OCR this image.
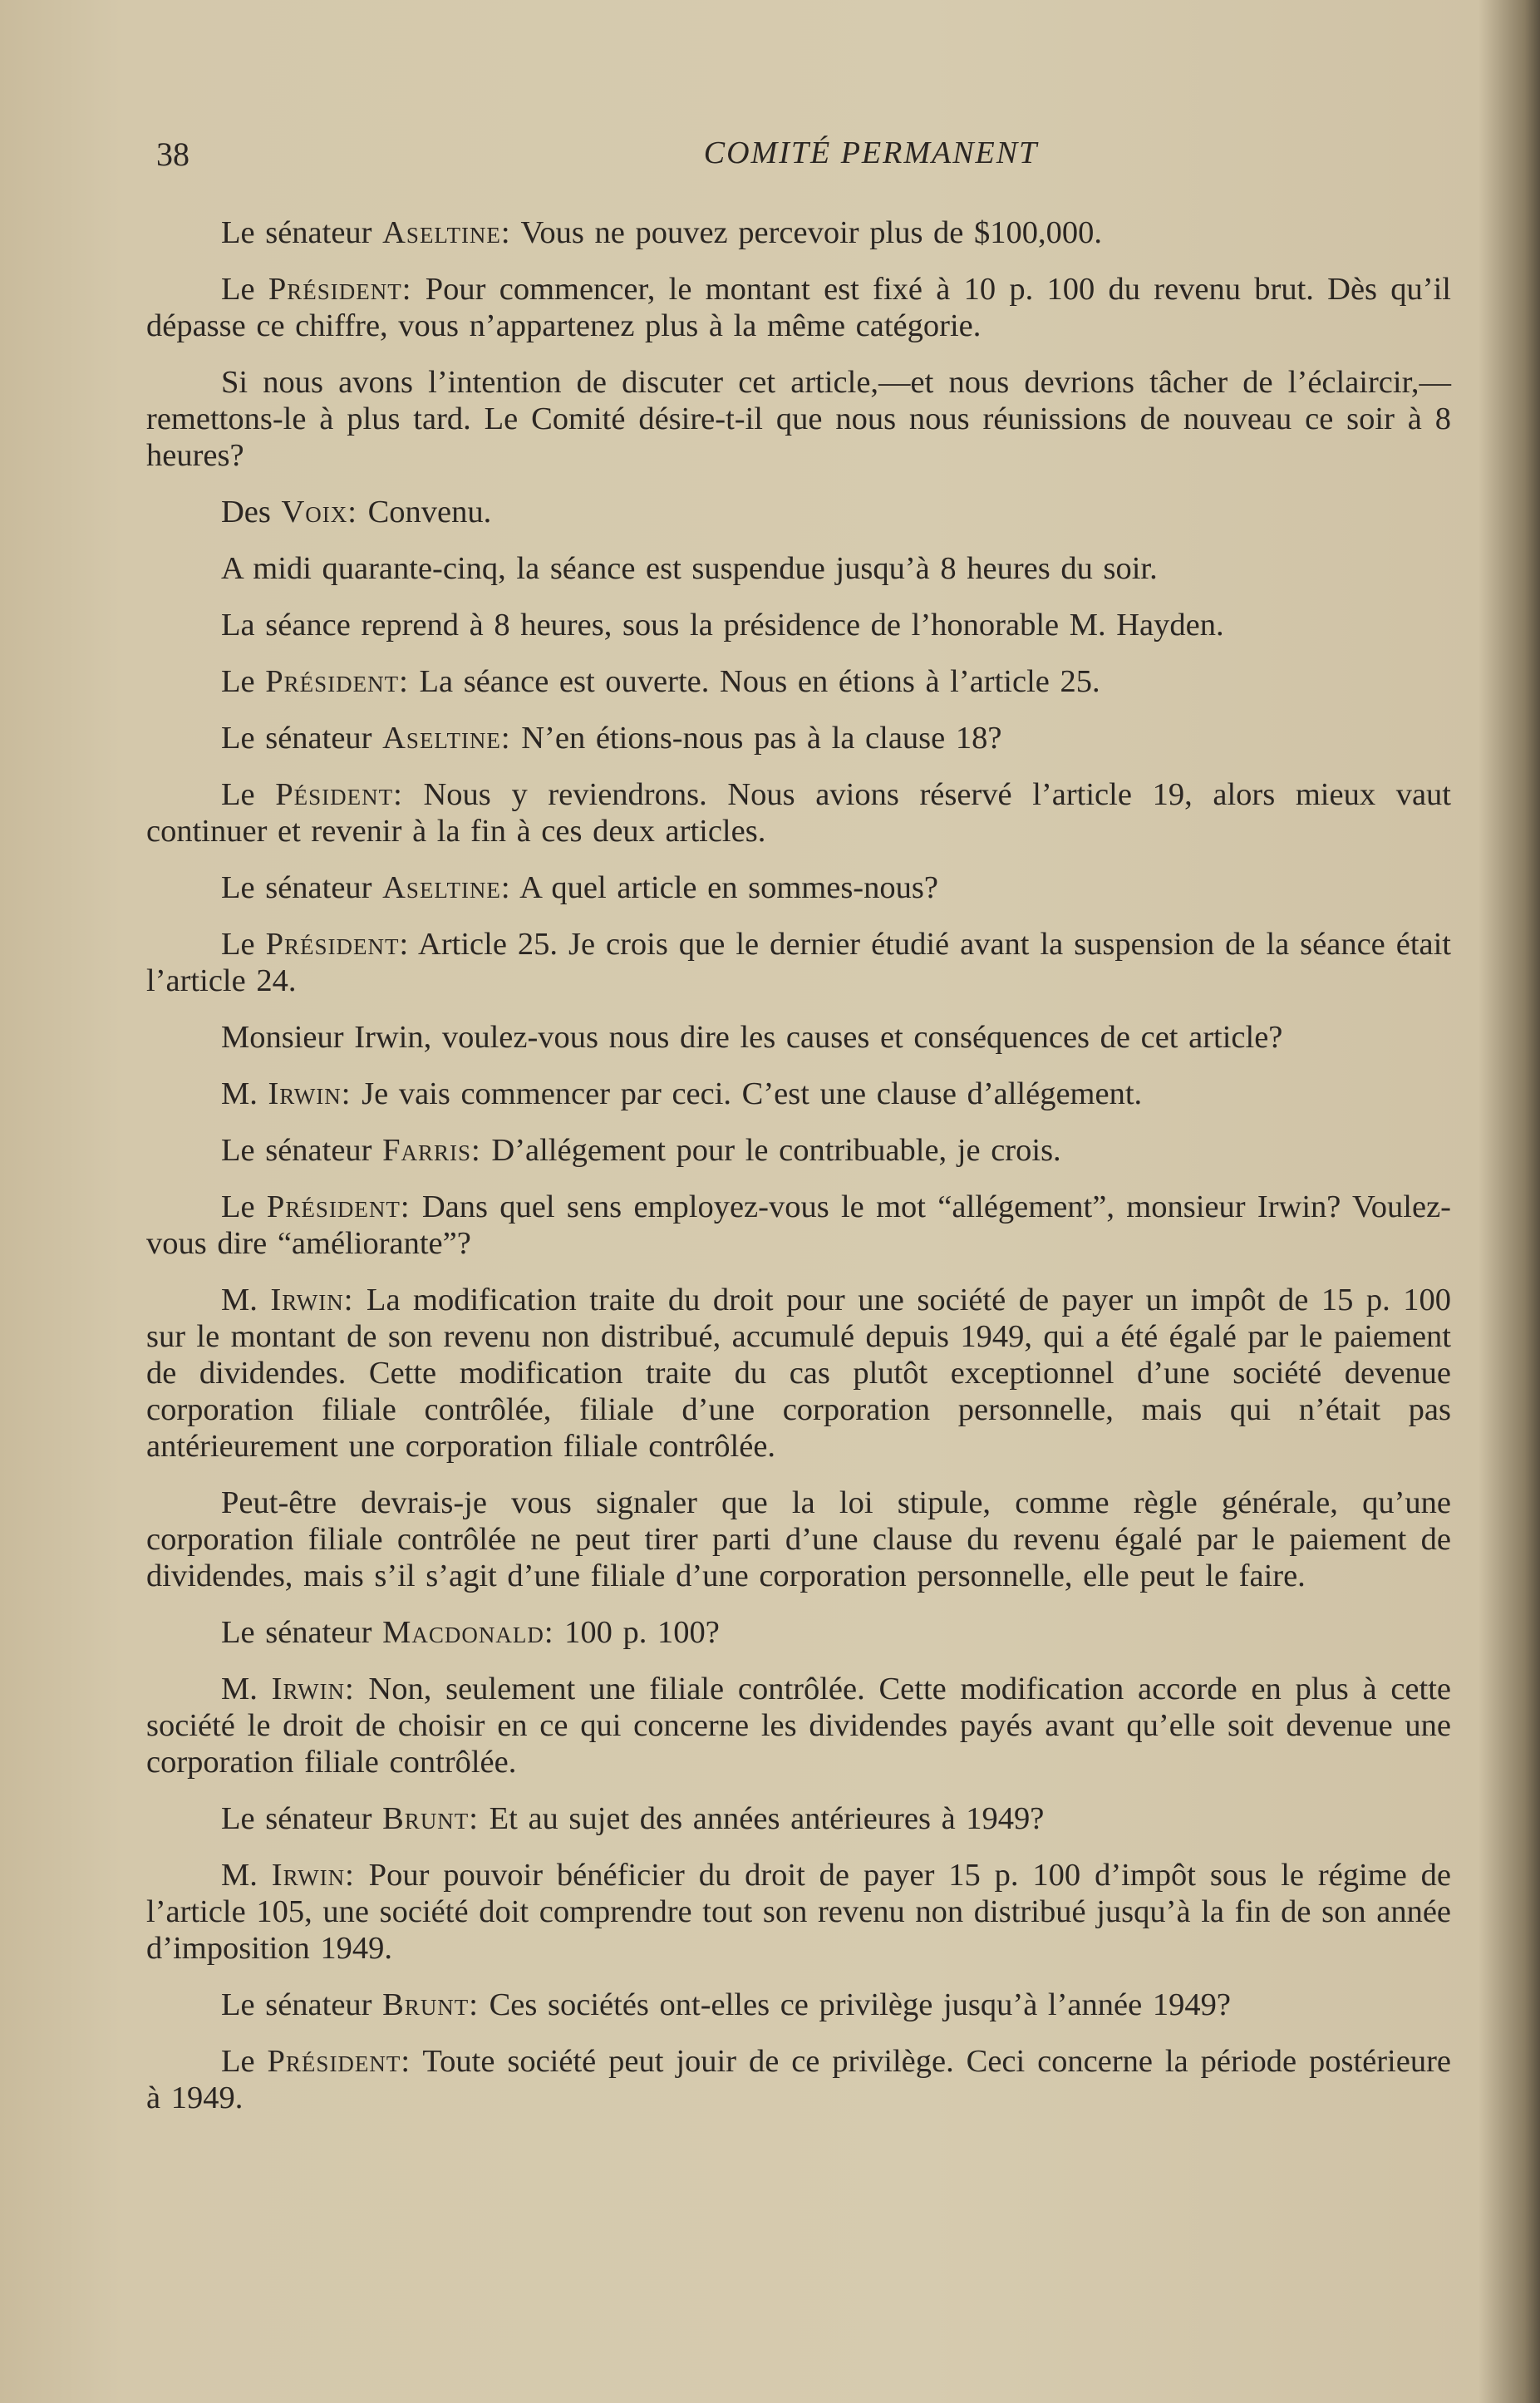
38	COMITÉ PERMANENT

Le sénateur Aseltine: Vous ne pouvez percevoir plus de $100,000.

Le Président: Pour commencer, le montant est fixé à 10 p. 100 du revenu brut. Dès qu’il dépasse ce chiffre, vous n’appartenez plus à la même catégorie.

Si nous avons l’intention de discuter cet article,—et nous devrions tâcher de l’éclaircir,—remettons-le à plus tard. Le Comité désire-t-il que nous nous réunissions de nouveau ce soir à 8 heures?

Des Voix: Convenu.

A midi quarante-cinq, la séance est suspendue jusqu’à 8 heures du soir.

La séance reprend à 8 heures, sous la présidence de l’honorable M. Hayden.

Le Président: La séance est ouverte. Nous en étions à l’article 25.

Le sénateur Aseltine: N’en étions-nous pas à la clause 18?

Le Pésident: Nous y reviendrons. Nous avions réservé l’article 19, alors mieux vaut continuer et revenir à la fin à ces deux articles.

Le sénateur Aseltine: A quel article en sommes-nous?

Le Président: Article 25. Je crois que le dernier étudié avant la suspension de la séance était l’article 24.

Monsieur Irwin, voulez-vous nous dire les causes et conséquences de cet article?

M. Irwin: Je vais commencer par ceci. C’est une clause d’allégement.

Le sénateur Farris: D’allégement pour le contribuable, je crois.

Le Président: Dans quel sens employez-vous le mot “allégement”, monsieur Irwin? Voulez-vous dire “améliorante”?

M. Irwin: La modification traite du droit pour une société de payer un impôt de 15 p. 100 sur le montant de son revenu non distribué, accumulé depuis 1949, qui a été égalé par le paiement de dividendes. Cette modification traite du cas plutôt exceptionnel d’une société devenue corporation filiale contrôlée, filiale d’une corporation personnelle, mais qui n’était pas antérieurement une corporation filiale contrôlée.

Peut-être devrais-je vous signaler que la loi stipule, comme règle générale, qu’une corporation filiale contrôlée ne peut tirer parti d’une clause du revenu égalé par le paiement de dividendes, mais s’il s’agit d’une filiale d’une corporation personnelle, elle peut le faire.

Le sénateur Macdonald: 100 p. 100?

M. Irwin: Non, seulement une filiale contrôlée. Cette modification accorde en plus à cette société le droit de choisir en ce qui concerne les dividendes payés avant qu’elle soit devenue une corporation filiale contrôlée.

Le sénateur Brunt: Et au sujet des années antérieures à 1949?

M. Irwin: Pour pouvoir bénéficier du droit de payer 15 p. 100 d’impôt sous le régime de l’article 105, une société doit comprendre tout son revenu non distribué jusqu’à la fin de son année d’imposition 1949.

Le sénateur Brunt: Ces sociétés ont-elles ce privilège jusqu’à l’année 1949?

Le Président: Toute société peut jouir de ce privilège. Ceci concerne la période postérieure à 1949.
